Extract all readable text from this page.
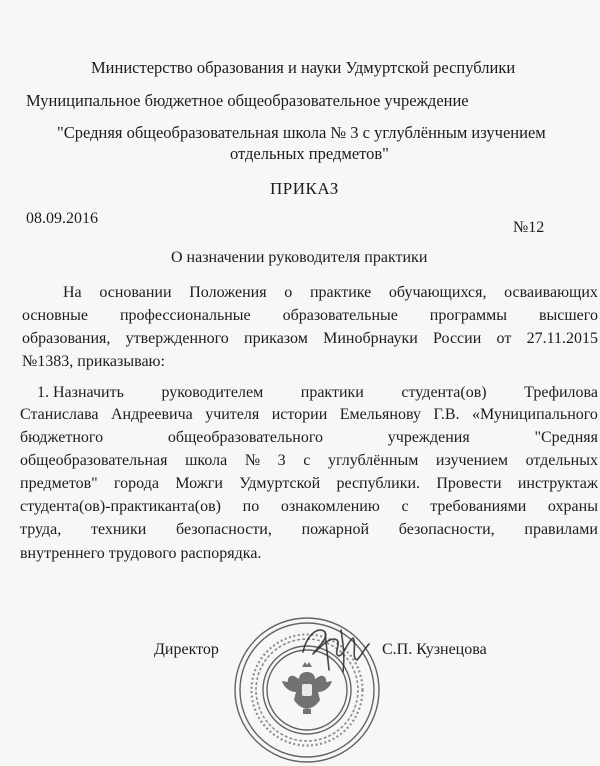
Министерство образования и науки Удмуртской республики
Муниципальное бюджетное общеобразовательное учреждение
"Средняя общеобразовательная школа № 3 с углублённым изучением
отдельных предметов"
ПРИКАЗ
08.09.2016
№12
О назначении руководителя практики
На основании Положения о практике обучающихся, осваивающих
основные профессиональные образовательные программы высшего
образования, утвержденного приказом Минобрнауки России от 27.11.2015
№1383, приказываю:
1. Назначить руководителем практики студента(ов) Трефилова
Станислава Андреевича учителя истории Емельянову Г.В. «Муниципального
бюджетного	общеобразовательного	учреждения	"Средняя
общеобразовательная школа № 3 с углублённым изучением отдельных
предметов" города Можги Удмуртской республики. Провести инструктаж
студента(ов)-практиканта(ов) по ознакомлению с требованиями охраны
труда, техники безопасности, пожарной безопасности, правилами
внутреннего трудового распорядка.
Директор	С.П. Кузнецова
